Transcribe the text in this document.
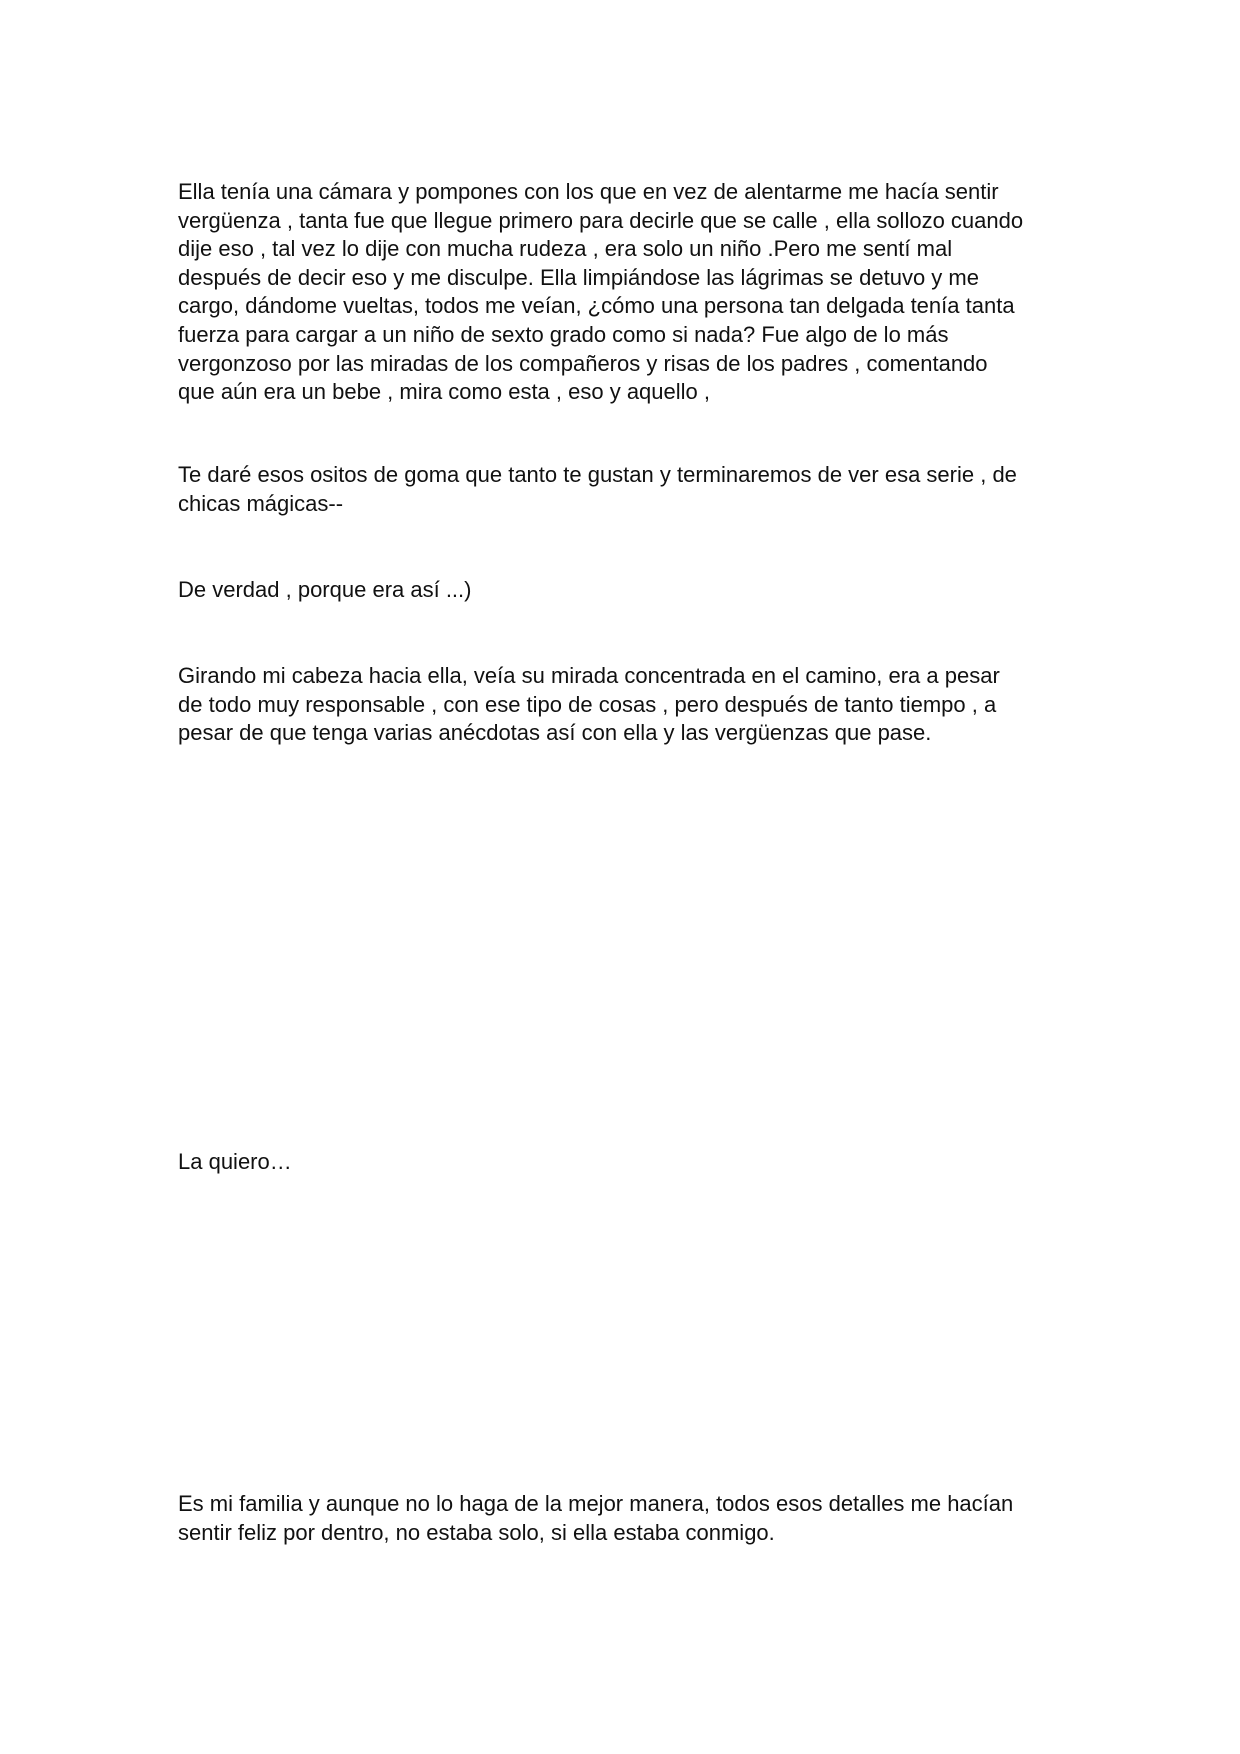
Ella tenía una cámara y pompones con los que en vez de alentarme me hacía sentir
vergüenza , tanta fue que llegue primero para decirle que se calle , ella sollozo cuando
dije eso , tal vez lo dije con mucha rudeza , era solo un niño .Pero me sentí mal
después de decir eso y me disculpe. Ella limpiándose las lágrimas se detuvo y me
cargo, dándome vueltas, todos me veían, ¿cómo una persona tan delgada tenía tanta
fuerza para cargar a un niño de sexto grado como si nada? Fue algo de lo más
vergonzoso por las miradas de los compañeros y risas de los padres , comentando
que aún era un bebe , mira como esta , eso y aquello ,

Te daré esos ositos de goma que tanto te gustan y terminaremos de ver esa serie , de
chicas mágicas--

De verdad , porque era así ...)

Girando mi cabeza hacia ella, veía su mirada concentrada en el camino, era a pesar
de todo muy responsable , con ese tipo de cosas , pero después de tanto tiempo , a
pesar de que tenga varias anécdotas así con ella y las vergüenzas que pase.

La quiero…

Es mi familia y aunque no lo haga de la mejor manera, todos esos detalles me hacían
sentir feliz por dentro, no estaba solo, si ella estaba conmigo.
